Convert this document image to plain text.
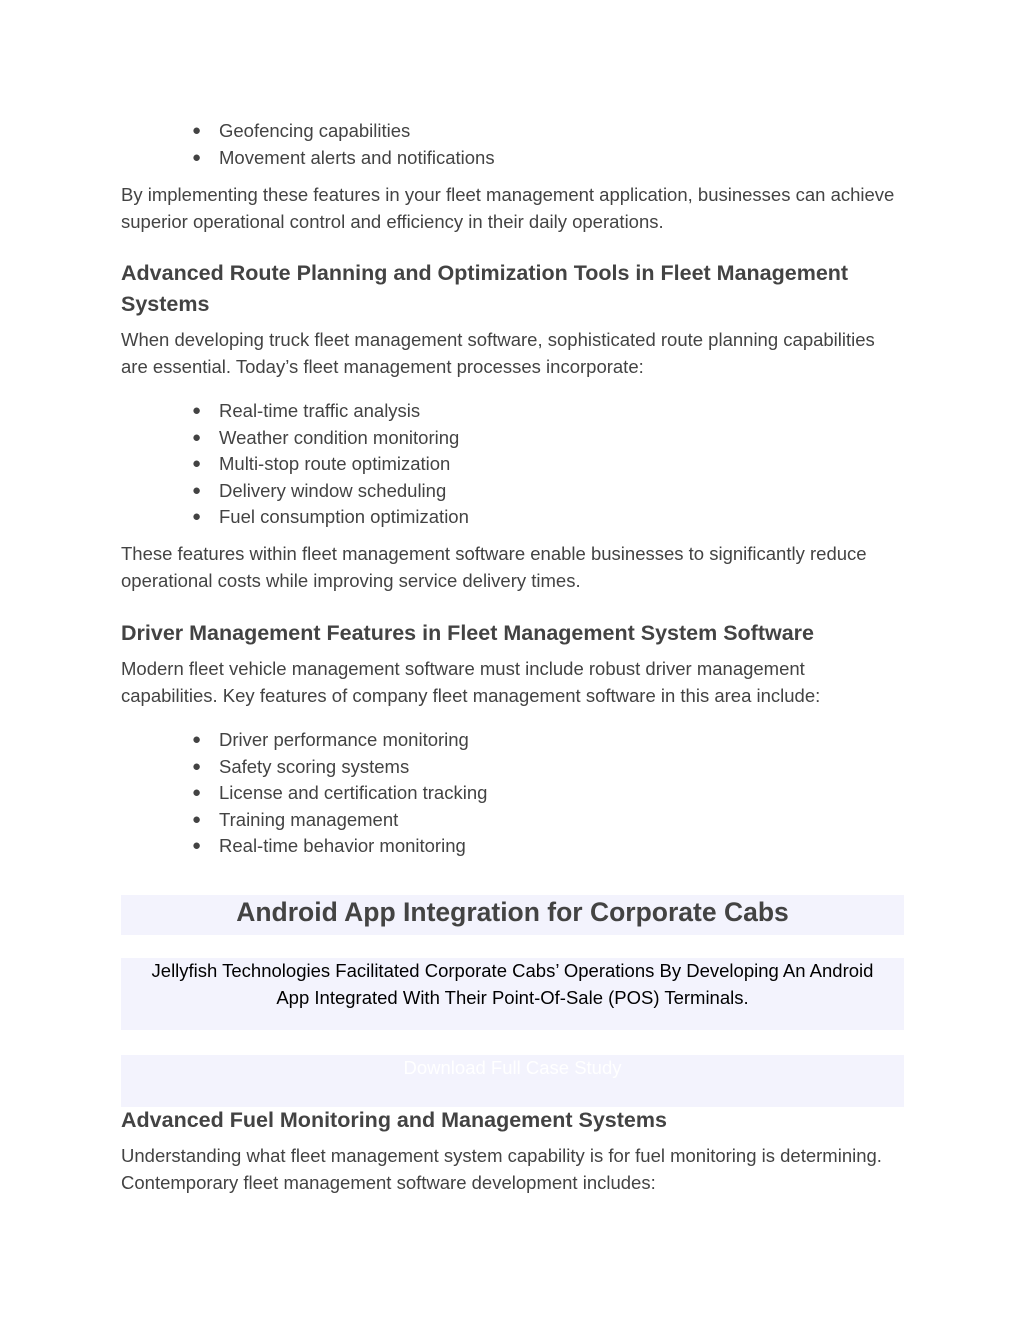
● Geofencing capabilities
● Movement alerts and notifications

By implementing these features in your fleet management application, businesses can achieve superior operational control and efficiency in their daily operations.

Advanced Route Planning and Optimization Tools in Fleet Management Systems

When developing truck fleet management software, sophisticated route planning capabilities are essential. Today’s fleet management processes incorporate:

● Real-time traffic analysis
● Weather condition monitoring
● Multi-stop route optimization
● Delivery window scheduling
● Fuel consumption optimization

These features within fleet management software enable businesses to significantly reduce operational costs while improving service delivery times.

Driver Management Features in Fleet Management System Software

Modern fleet vehicle management software must include robust driver management capabilities. Key features of company fleet management software in this area include:

● Driver performance monitoring
● Safety scoring systems
● License and certification tracking
● Training management
● Real-time behavior monitoring
Android App Integration for Corporate Cabs
Jellyfish Technologies Facilitated Corporate Cabs’ Operations By Developing An Android App Integrated With Their Point-Of-Sale (POS) Terminals.
Download Full Case Study
Advanced Fuel Monitoring and Management Systems

Understanding what fleet management system capability is for fuel monitoring is determining. Contemporary fleet management software development includes:
